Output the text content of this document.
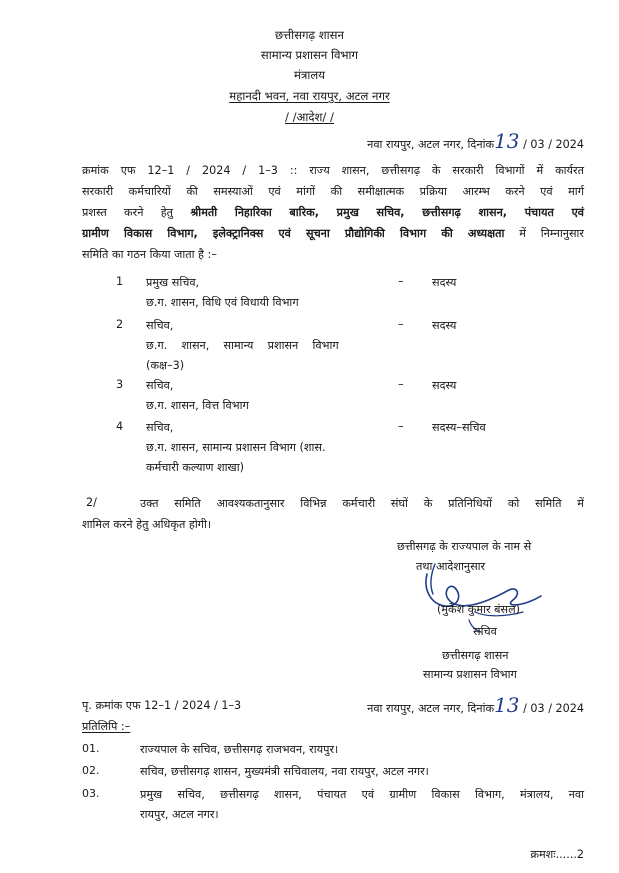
छत्तीसगढ़ शासन
सामान्य प्रशासन विभाग
मंत्रालय
महानदी भवन, नवा रायपुर, अटल नगर
/ /आदेश/ /
नवा रायपुर, अटल नगर, दिनांक13 / 03 / 2024
क्रमांक एफ 12–1 / 2024 / 1–3 :: राज्य शासन, छत्तीसगढ़ के सरकारी विभागों में कार्यरत
सरकारी कर्मचारियों की समस्याओं एवं मांगों की समीक्षात्मक प्रक्रिया आरम्भ करने एवं मार्ग
प्रशस्त करने हेतु श्रीमती निहारिका बारिक, प्रमुख सचिव, छत्तीसगढ़ शासन, पंचायत एवं
ग्रामीण विकास विभाग, इलेक्ट्रानिक्स एवं सूचना प्रौद्योगिकी विभाग की अध्यक्षता में निम्नानुसार
समिति का गठन किया जाता है :–
1 प्रमुख सचिव,
छ.ग. शासन, विधि एवं विधायी विभाग
–	सदस्य
2 सचिव,
छ.ग.    शासन,    सामान्य    प्रशासन    विभाग
(कक्ष–3)
–	सदस्य
3 सचिव,
छ.ग. शासन, वित्त विभाग
–	सदस्य
4 सचिव,
छ.ग. शासन, सामान्य प्रशासन विभाग (शास.
कर्मचारी कल्याण शाखा)
–	सदस्य–सचिव
2/	उक्त समिति आवश्यकतानुसार विभिन्न कर्मचारी संघों के प्रतिनिधियों को समिति में
शामिल करने हेतु अधिकृत होगी।
छत्तीसगढ़ के राज्यपाल के नाम से
तथा आदेशानुसार
(मुकेश कुमार बंसल)
सचिव
छत्तीसगढ़ शासन
सामान्य प्रशासन विभाग
पृ. क्रमांक एफ 12–1 / 2024 / 1–3	नवा रायपुर, अटल नगर, दिनांक13 / 03 / 2024
प्रतिलिपि :–
01.	राज्यपाल के सचिव, छत्तीसगढ़ राजभवन, रायपुर।
02.	सचिव, छत्तीसगढ़ शासन, मुख्यमंत्री सचिवालय, नवा रायपुर, अटल नगर।
03.	प्रमुख सचिव, छत्तीसगढ़ शासन, पंचायत एवं ग्रामीण विकास विभाग, मंत्रालय, नवा
रायपुर, अटल नगर।
क्रमशः......2
